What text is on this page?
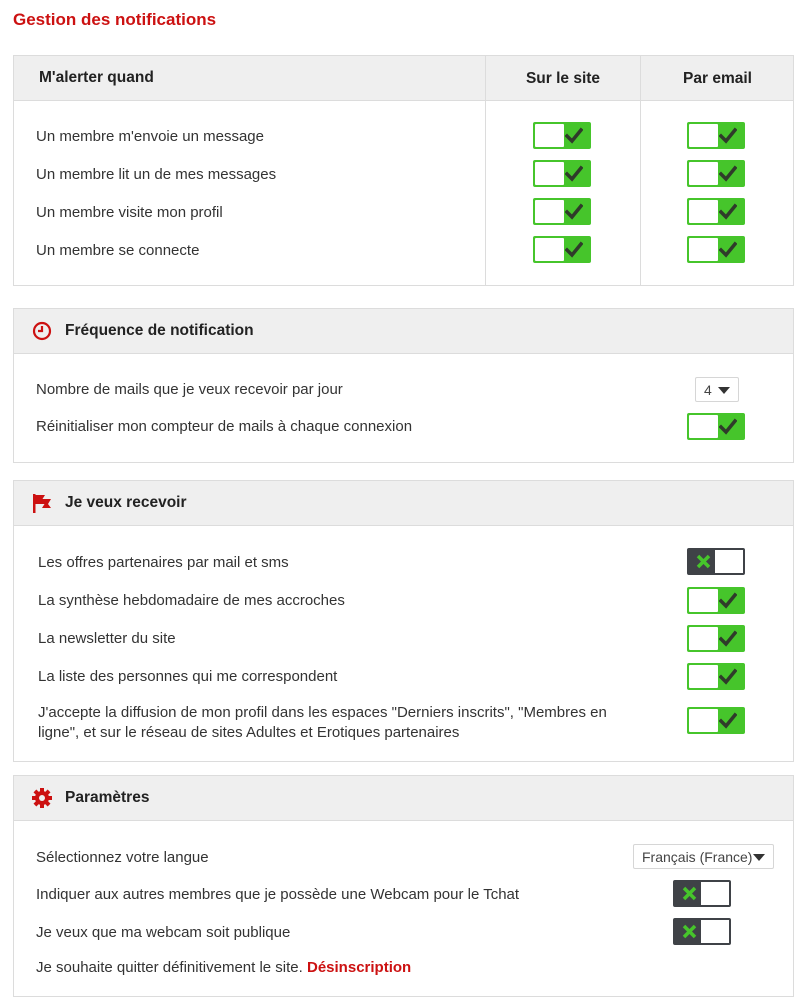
Gestion des notifications
M'alerter quand	Sur le site	Par email
Un membre m'envoie un message
Un membre lit un de mes messages
Un membre visite mon profil
Un membre se connecte
Fréquence de notification
Nombre de mails que je veux recevoir par jour	4
Réinitialiser mon compteur de mails à chaque connexion
Je veux recevoir
Les offres partenaires par mail et sms
La synthèse hebdomadaire de mes accroches
La newsletter du site
La liste des personnes qui me correspondent
J'accepte la diffusion de mon profil dans les espaces "Derniers inscrits", "Membres en
ligne", et sur le réseau de sites Adultes et Erotiques partenaires
Paramètres
Sélectionnez votre langue	Français (France)
Indiquer aux autres membres que je possède une Webcam pour le Tchat
Je veux que ma webcam soit publique
Je souhaite quitter définitivement le site. Désinscription
